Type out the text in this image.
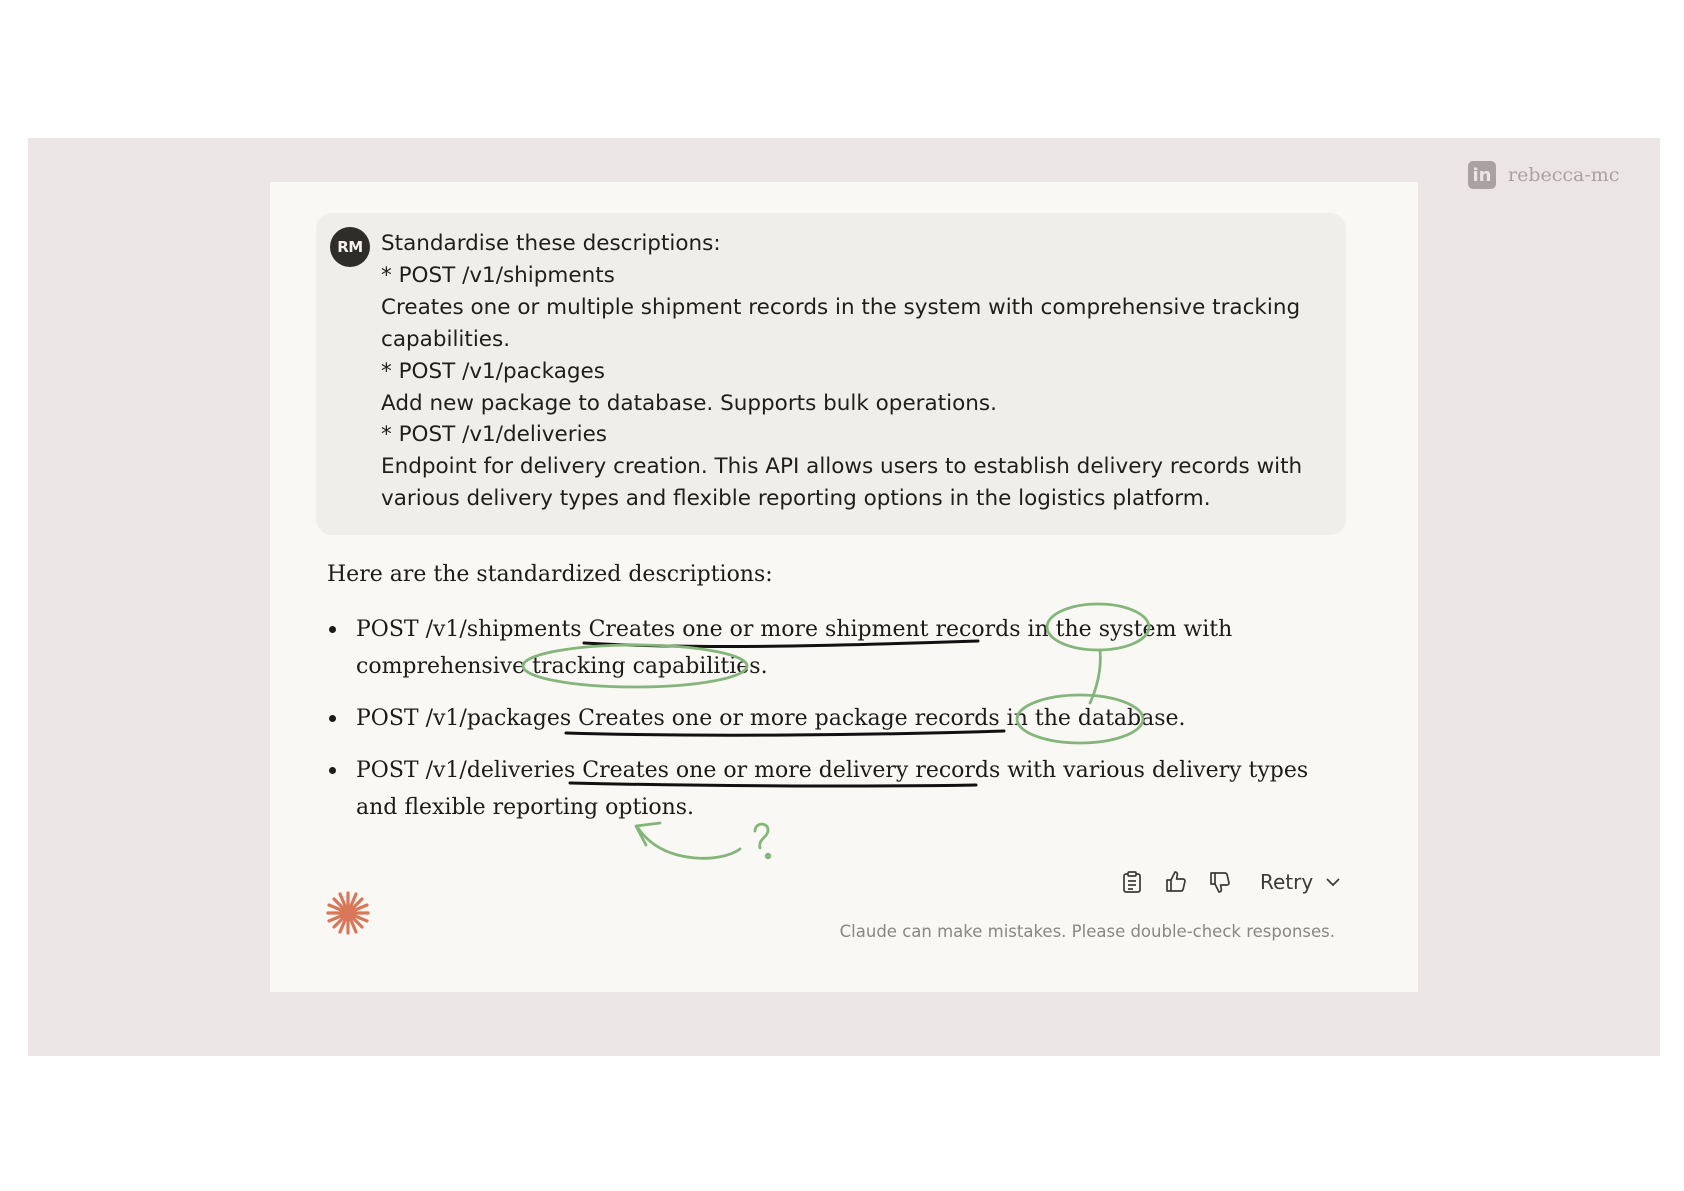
in rebecca-mc
RM Standardise these descriptions:
* POST /v1/shipments
Creates one or multiple shipment records in the system with comprehensive tracking
capabilities.
* POST /v1/packages
Add new package to database. Supports bulk operations.
* POST /v1/deliveries
Endpoint for delivery creation. This API allows users to establish delivery records with
various delivery types and flexible reporting options in the logistics platform.

Here are the standardized descriptions:

POST /v1/shipments Creates one or more shipment records in the system with
comprehensive tracking capabilities.
POST /v1/packages Creates one or more package records in the database.
POST /v1/deliveries Creates one or more delivery records with various delivery types
and flexible reporting options.
Retry
Claude can make mistakes. Please double-check responses.
